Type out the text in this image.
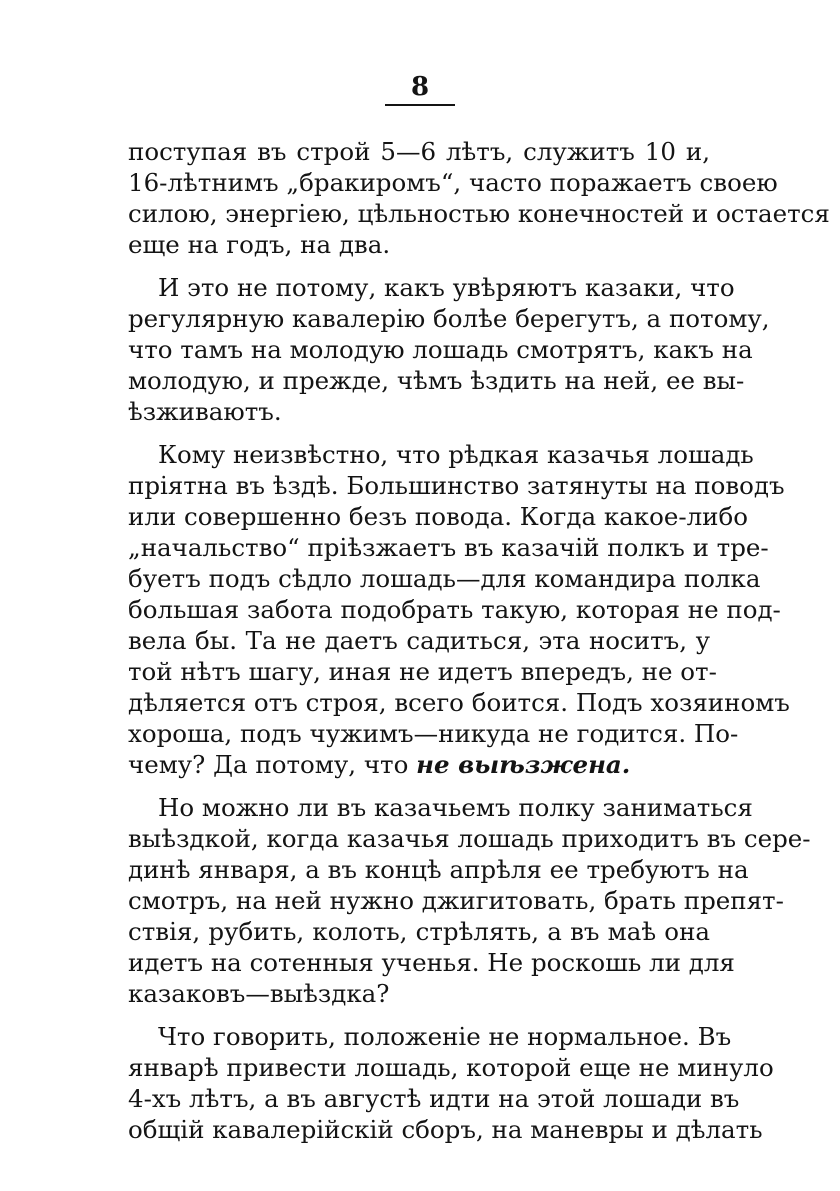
8

поступая въ строй 5—6 лѣтъ, служитъ 10 и,
16-лѣтнимъ „бракиромъ“, часто поражаетъ своею
силою, энергіею, цѣльностью конечностей и остается
еще на годъ, на два.

И это не потому, какъ увѣряютъ казаки, что
регулярную кавалерію болѣе берегутъ, а потому,
что тамъ на молодую лошадь смотрятъ, какъ на
молодую, и прежде, чѣмъ ѣздить на ней, ее вы-
ѣзживаютъ.

Кому неизвѣстно, что рѣдкая казачья лошадь
пріятна въ ѣздѣ. Большинство затянуты на поводъ
или совершенно безъ повода. Когда какое-либо
„начальство“ пріѣзжаетъ въ казачій полкъ и тре-
буетъ подъ сѣдло лошадь—для командира полка
большая забота подобрать такую, которая не под-
вела бы. Та не даетъ садиться, эта носитъ, у
той нѣтъ шагу, иная не идетъ впередъ, не от-
дѣляется отъ строя, всего боится. Подъ хозяиномъ
хороша, подъ чужимъ—никуда не годится. По-
чему? Да потому, что не выѣзжена.

Но можно ли въ казачьемъ полку заниматься
выѣздкой, когда казачья лошадь приходитъ въ сере-
динѣ января, а въ концѣ апрѣля ее требуютъ на
смотръ, на ней нужно джигитовать, брать препят-
ствія, рубить, колоть, стрѣлять, а въ маѣ она
идетъ на сотенныя ученья. Не роскошь ли для
казаковъ—выѣздка?

Что говорить, положеніе не нормальное. Въ
январѣ привести лошадь, которой еще не минуло
4-хъ лѣтъ, а въ августѣ идти на этой лошади въ
общій кавалерійскій сборъ, на маневры и дѣлать
